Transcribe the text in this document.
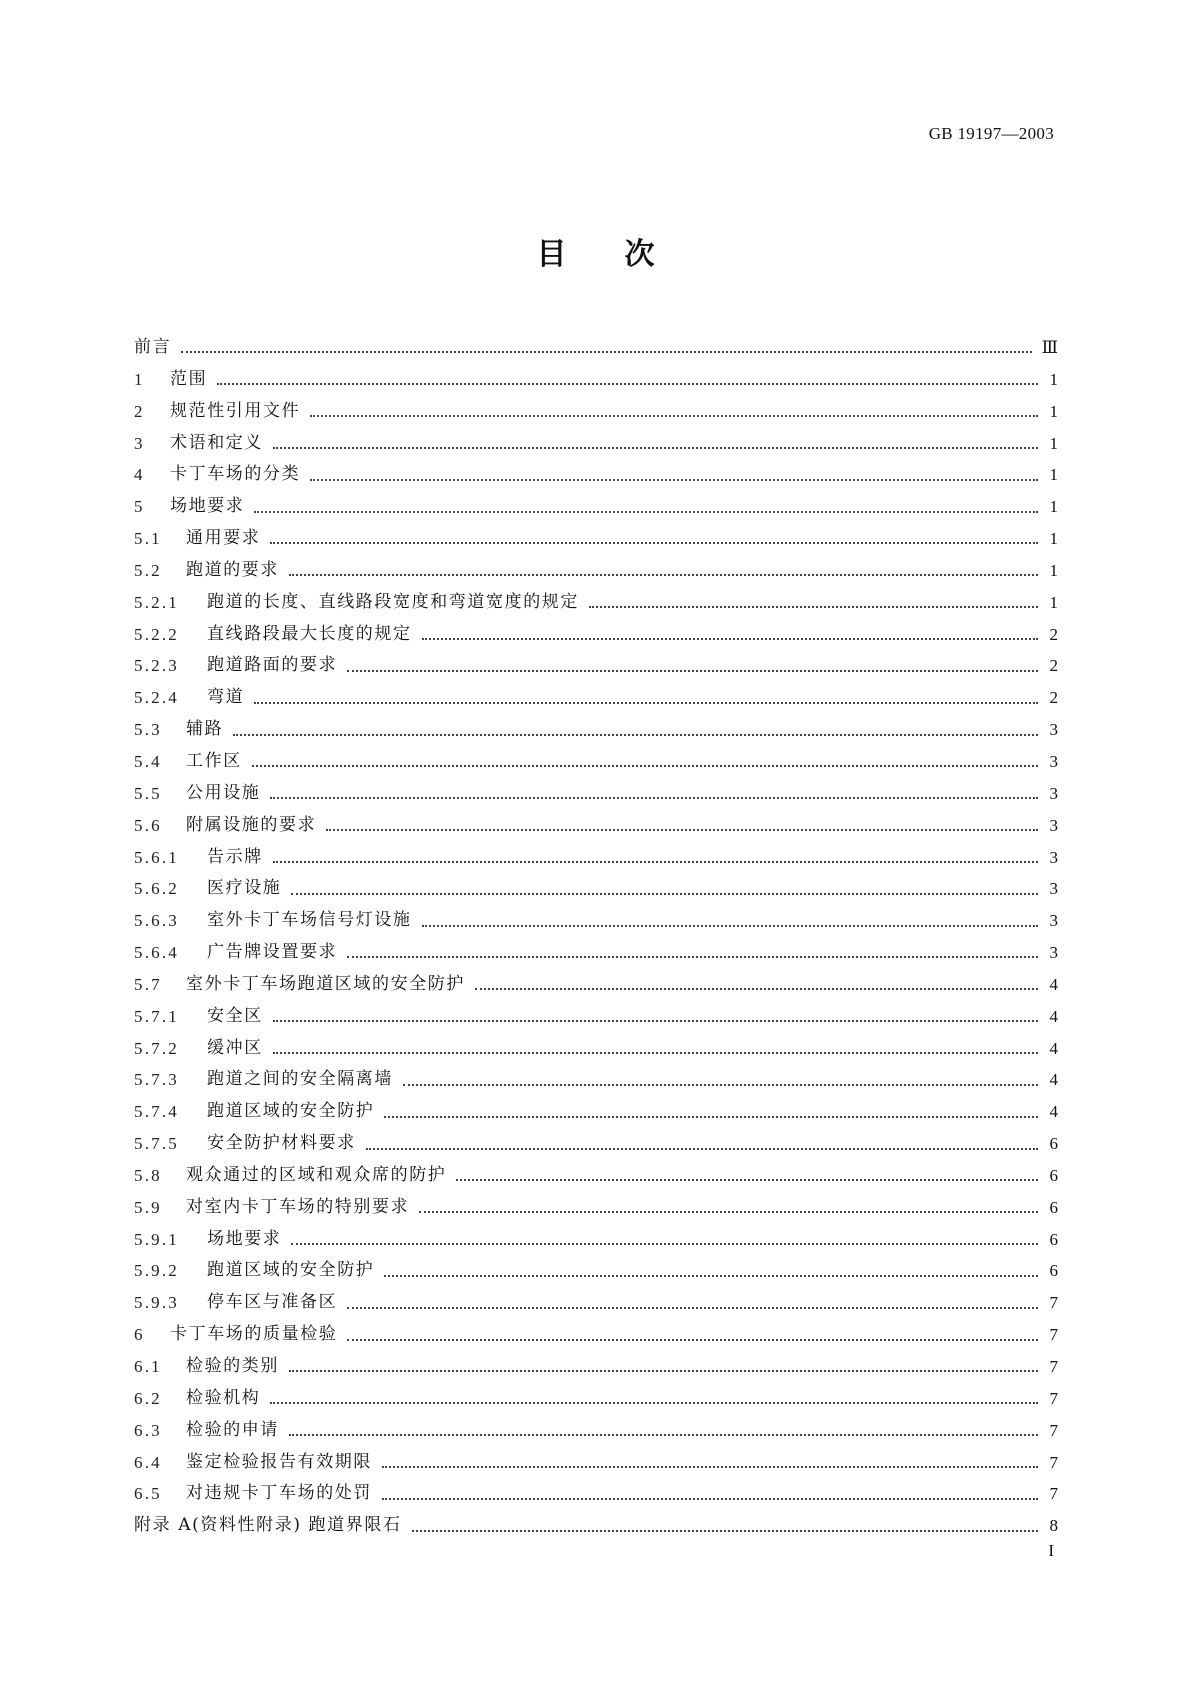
GB 19197—2003
目次
前言	Ⅲ
1	范围	1
2	规范性引用文件	1
3	术语和定义	1
4	卡丁车场的分类	1
5	场地要求	1
5.1	通用要求	1
5.2	跑道的要求	1
5.2.1	跑道的长度、直线路段宽度和弯道宽度的规定	1
5.2.2	直线路段最大长度的规定	2
5.2.3	跑道路面的要求	2
5.2.4	弯道	2
5.3	辅路	3
5.4	工作区	3
5.5	公用设施	3
5.6	附属设施的要求	3
5.6.1	告示牌	3
5.6.2	医疗设施	3
5.6.3	室外卡丁车场信号灯设施	3
5.6.4	广告牌设置要求	3
5.7	室外卡丁车场跑道区域的安全防护	4
5.7.1	安全区	4
5.7.2	缓冲区	4
5.7.3	跑道之间的安全隔离墙	4
5.7.4	跑道区域的安全防护	4
5.7.5	安全防护材料要求	6
5.8	观众通过的区域和观众席的防护	6
5.9	对室内卡丁车场的特别要求	6
5.9.1	场地要求	6
5.9.2	跑道区域的安全防护	6
5.9.3	停车区与准备区	7
6	卡丁车场的质量检验	7
6.1	检验的类别	7
6.2	检验机构	7
6.3	检验的申请	7
6.4	鉴定检验报告有效期限	7
6.5	对违规卡丁车场的处罚	7
附录 A(资料性附录) 跑道界限石	8
I
